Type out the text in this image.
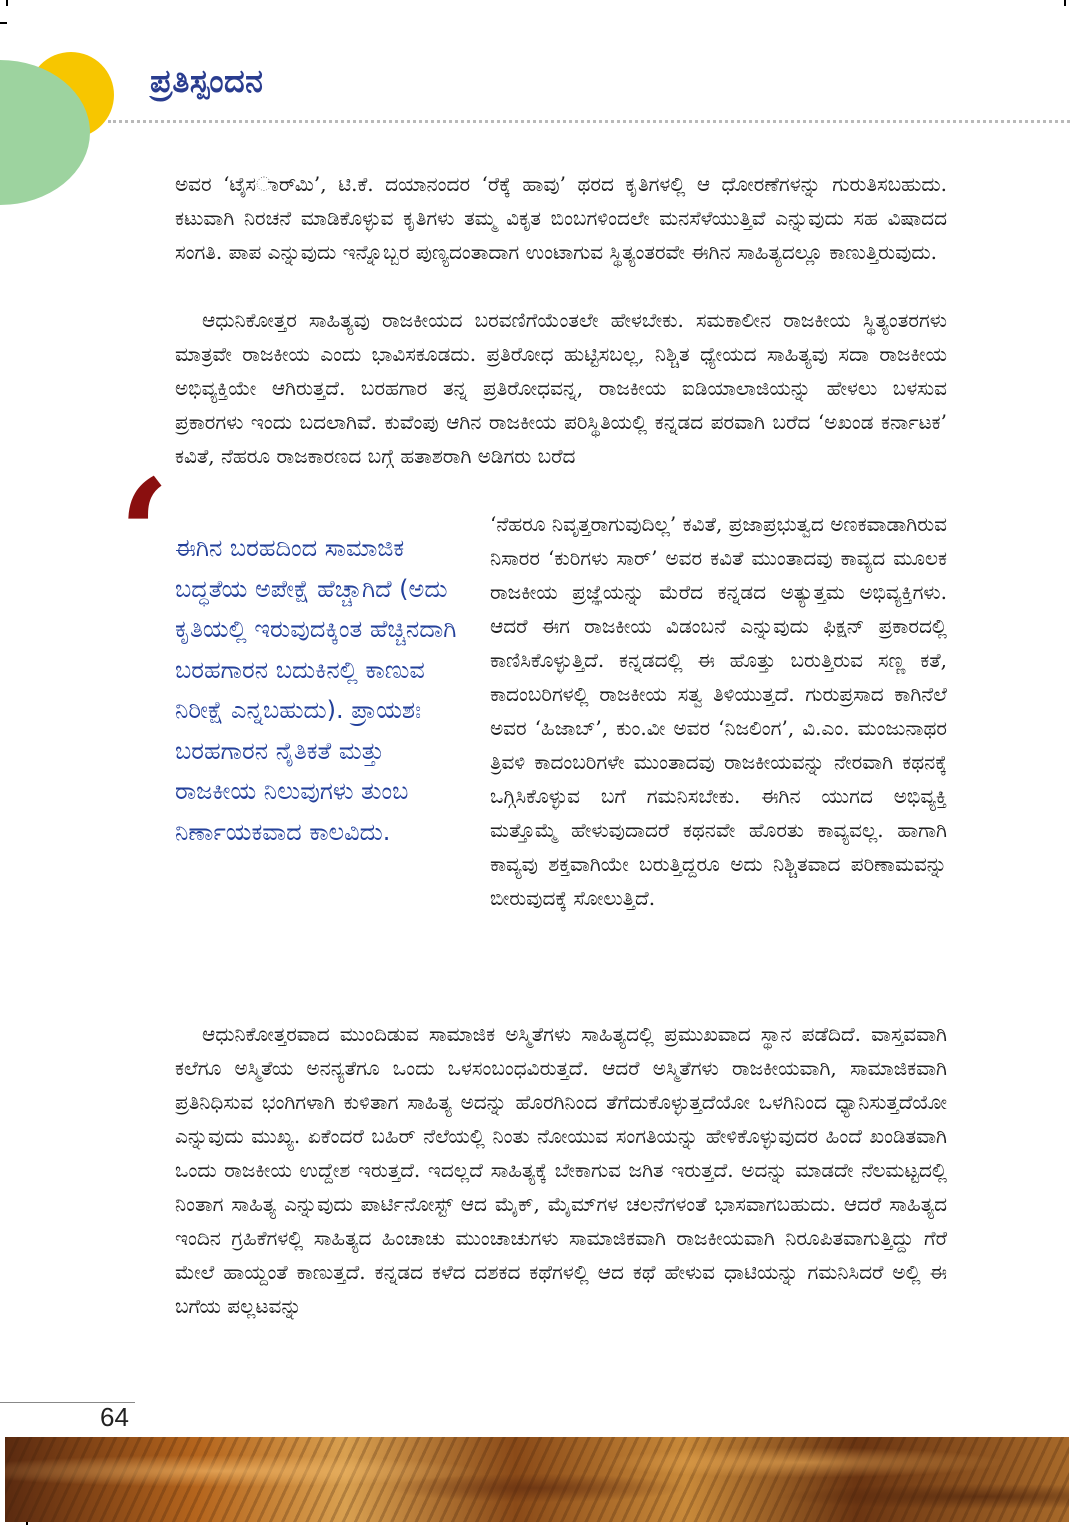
ಪ್ರತಿಸ್ಪಂದನ

ಅವರ ‘ಟೈಸರ್ಾಮಿ’, ಟಿ.ಕೆ. ದಯಾನಂದರ ‘ರೆಕ್ಕೆ ಹಾವು’ ಥರದ ಕೃತಿಗಳಲ್ಲಿ ಆ ಧೋರಣೆಗಳನ್ನು ಗುರುತಿಸಬಹುದು. ಕಟುವಾಗಿ ನಿರಚನೆ ಮಾಡಿಕೊಳ್ಳುವ ಕೃತಿಗಳು ತಮ್ಮ ವಿಕೃತ ಬಿಂಬಗಳಿಂದಲೇ ಮನಸೆಳೆಯುತ್ತಿವೆ ಎನ್ನುವುದು ಸಹ ವಿಷಾದದ ಸಂಗತಿ. ಪಾಪ ಎನ್ನುವುದು ಇನ್ನೊಬ್ಬರ ಪುಣ್ಯದಂತಾದಾಗ ಉಂಟಾಗುವ ಸ್ಥಿತ್ಯಂತರವೇ ಈಗಿನ ಸಾಹಿತ್ಯದಲ್ಲೂ ಕಾಣುತ್ತಿರುವುದು.

ಆಧುನಿಕೋತ್ತರ ಸಾಹಿತ್ಯವು ರಾಜಕೀಯದ ಬರವಣಿಗೆಯೆಂತಲೇ ಹೇಳಬೇಕು. ಸಮಕಾಲೀನ ರಾಜಕೀಯ ಸ್ಥಿತ್ಯಂತರಗಳು ಮಾತ್ರವೇ ರಾಜಕೀಯ ಎಂದು ಭಾವಿಸಕೂಡದು. ಪ್ರತಿರೋಧ ಹುಟ್ಟಿಸಬಲ್ಲ, ನಿಶ್ಚಿತ ಧ್ಯೇಯದ ಸಾಹಿತ್ಯವು ಸದಾ ರಾಜಕೀಯ ಅಭಿವ್ಯಕ್ತಿಯೇ ಆಗಿರುತ್ತದೆ. ಬರಹಗಾರ ತನ್ನ ಪ್ರತಿರೋಧವನ್ನ, ರಾಜಕೀಯ ಐಡಿಯಾಲಾಜಿಯನ್ನು ಹೇಳಲು ಬಳಸುವ ಪ್ರಕಾರಗಳು ಇಂದು ಬದಲಾಗಿವೆ. ಕುವೆಂಪು ಆಗಿನ ರಾಜಕೀಯ ಪರಿಸ್ಥಿತಿಯಲ್ಲಿ ಕನ್ನಡದ ಪರವಾಗಿ ಬರೆದ ‘ಅಖಂಡ ಕರ್ನಾಟಕ’ ಕವಿತೆ, ನೆಹರೂ ರಾಜಕಾರಣದ ಬಗ್ಗೆ ಹತಾಶರಾಗಿ ಅಡಿಗರು ಬರೆದ

‘ನೆಹರೂ ನಿವೃತ್ತರಾಗುವುದಿಲ್ಲ’ ಕವಿತೆ, ಪ್ರಜಾಪ್ರಭುತ್ವದ ಅಣಕವಾಡಾಗಿರುವ ನಿಸಾರರ ‘ಕುರಿಗಳು ಸಾರ್’ ಅವರ ಕವಿತೆ ಮುಂತಾದವು ಕಾವ್ಯದ ಮೂಲಕ ರಾಜಕೀಯ ಪ್ರಜ್ಞೆಯನ್ನು ಮೆರೆದ ಕನ್ನಡದ ಅತ್ಯುತ್ತಮ ಅಭಿವ್ಯಕ್ತಿಗಳು. ಆದರೆ ಈಗ ರಾಜಕೀಯ ವಿಡಂಬನೆ ಎನ್ನುವುದು ಫಿಕ್ಷನ್ ಪ್ರಕಾರದಲ್ಲಿ ಕಾಣಿಸಿಕೊಳ್ಳುತ್ತಿದೆ. ಕನ್ನಡದಲ್ಲಿ ಈ ಹೊತ್ತು ಬರುತ್ತಿರುವ ಸಣ್ಣ ಕತೆ, ಕಾದಂಬರಿಗಳಲ್ಲಿ ರಾಜಕೀಯ ಸತ್ವ ತಿಳಿಯುತ್ತದೆ. ಗುರುಪ್ರಸಾದ ಕಾಗಿನೆಲೆ ಅವರ ‘ಹಿಜಾಬ್’, ಕುಂ.ವೀ ಅವರ ‘ನಿಜಲಿಂಗ’, ವಿ.ಎಂ. ಮಂಜುನಾಥರ ತ್ರಿವಳಿ ಕಾದಂಬರಿಗಳೇ ಮುಂತಾದವು ರಾಜಕೀಯವನ್ನು ನೇರವಾಗಿ ಕಥನಕ್ಕೆ ಒಗ್ಗಿಸಿಕೊಳ್ಳುವ ಬಗೆ ಗಮನಿಸಬೇಕು. ಈಗಿನ ಯುಗದ ಅಭಿವ್ಯಕ್ತಿ ಮತ್ತೊಮ್ಮೆ ಹೇಳುವುದಾದರೆ ಕಥನವೇ ಹೊರತು ಕಾವ್ಯವಲ್ಲ. ಹಾಗಾಗಿ ಕಾವ್ಯವು ಶಕ್ತವಾಗಿಯೇ ಬರುತ್ತಿದ್ದರೂ ಅದು ನಿಶ್ಚಿತವಾದ ಪರಿಣಾಮವನ್ನು ಬೀರುವುದಕ್ಕೆ ಸೋಲುತ್ತಿದೆ.

ಆಧುನಿಕೋತ್ತರವಾದ ಮುಂದಿಡುವ ಸಾಮಾಜಿಕ ಅಸ್ಮಿತೆಗಳು ಸಾಹಿತ್ಯದಲ್ಲಿ ಪ್ರಮುಖವಾದ ಸ್ಥಾನ ಪಡೆದಿದೆ. ವಾಸ್ತವವಾಗಿ ಕಲೆಗೂ ಅಸ್ಮಿತೆಯ ಅನನ್ಯತೆಗೂ ಒಂದು ಒಳಸಂಬಂಧವಿರುತ್ತದೆ. ಆದರೆ ಅಸ್ಮಿತೆಗಳು ರಾಜಕೀಯವಾಗಿ, ಸಾಮಾಜಿಕವಾಗಿ ಪ್ರತಿನಿಧಿಸುವ ಭಂಗಿಗಳಾಗಿ ಕುಳಿತಾಗ ಸಾಹಿತ್ಯ ಅದನ್ನು ಹೊರಗಿನಿಂದ ತೆಗೆದುಕೊಳ್ಳುತ್ತದೆಯೋ ಒಳಗಿನಿಂದ ಧ್ಯಾನಿಸುತ್ತದೆಯೋ ಎನ್ನುವುದು ಮುಖ್ಯ. ಏಕೆಂದರೆ ಬಹಿರ್ ನೆಲೆಯಲ್ಲಿ ನಿಂತು ನೋಯುವ ಸಂಗತಿಯನ್ನು ಹೇಳಿಕೊಳ್ಳುವುದರ ಹಿಂದೆ ಖಂಡಿತವಾಗಿ ಒಂದು ರಾಜಕೀಯ ಉದ್ದೇಶ ಇರುತ್ತದೆ. ಇದಲ್ಲದೆ ಸಾಹಿತ್ಯಕ್ಕೆ ಬೇಕಾಗುವ ಜಗಿತ ಇರುತ್ತದೆ. ಅದನ್ನು ಮಾಡದೇ ನೆಲಮಟ್ಟದಲ್ಲಿ ನಿಂತಾಗ ಸಾಹಿತ್ಯ ಎನ್ನುವುದು ಪಾರ್ಟಿನೋಸ್ಟ್ ಆದ ಮೈಕ್, ಮೈಮ್‌ಗಳ ಚಲನೆಗಳಂತೆ ಭಾಸವಾಗಬಹುದು. ಆದರೆ ಸಾಹಿತ್ಯದ ಇಂದಿನ ಗ್ರಹಿಕೆಗಳಲ್ಲಿ ಸಾಹಿತ್ಯದ ಹಿಂಚಾಚು ಮುಂಚಾಚುಗಳು ಸಾಮಾಜಿಕವಾಗಿ ರಾಜಕೀಯವಾಗಿ ನಿರೂಪಿತವಾಗುತ್ತಿದ್ದು ಗೆರೆ ಮೇಲೆ ಹಾಯ್ದಂತೆ ಕಾಣುತ್ತದೆ. ಕನ್ನಡದ ಕಳೆದ ದಶಕದ ಕಥೆಗಳಲ್ಲಿ ಆದ ಕಥೆ ಹೇಳುವ ಧಾಟಿಯನ್ನು ಗಮನಿಸಿದರೆ ಅಲ್ಲಿ ಈ ಬಗೆಯ ಪಲ್ಲಟವನ್ನು

‘ ಈಗಿನ ಬರಹದಿಂದ ಸಾಮಾಜಿಕ ಬದ್ಧತೆಯ ಅಪೇಕ್ಷೆ ಹೆಚ್ಚಾಗಿದೆ (ಅದು ಕೃತಿಯಲ್ಲಿ ಇರುವುದಕ್ಕಿಂತ ಹೆಚ್ಚಿನದಾಗಿ ಬರಹಗಾರನ ಬದುಕಿನಲ್ಲಿ ಕಾಣುವ ನಿರೀಕ್ಷೆ ಎನ್ನಬಹುದು). ಪ್ರಾಯಶಃ ಬರಹಗಾರನ ನೈತಿಕತೆ ಮತ್ತು ರಾಜಕೀಯ ನಿಲುವುಗಳು ತುಂಬ ನಿರ್ಣಾಯಕವಾದ ಕಾಲವಿದು.

64
